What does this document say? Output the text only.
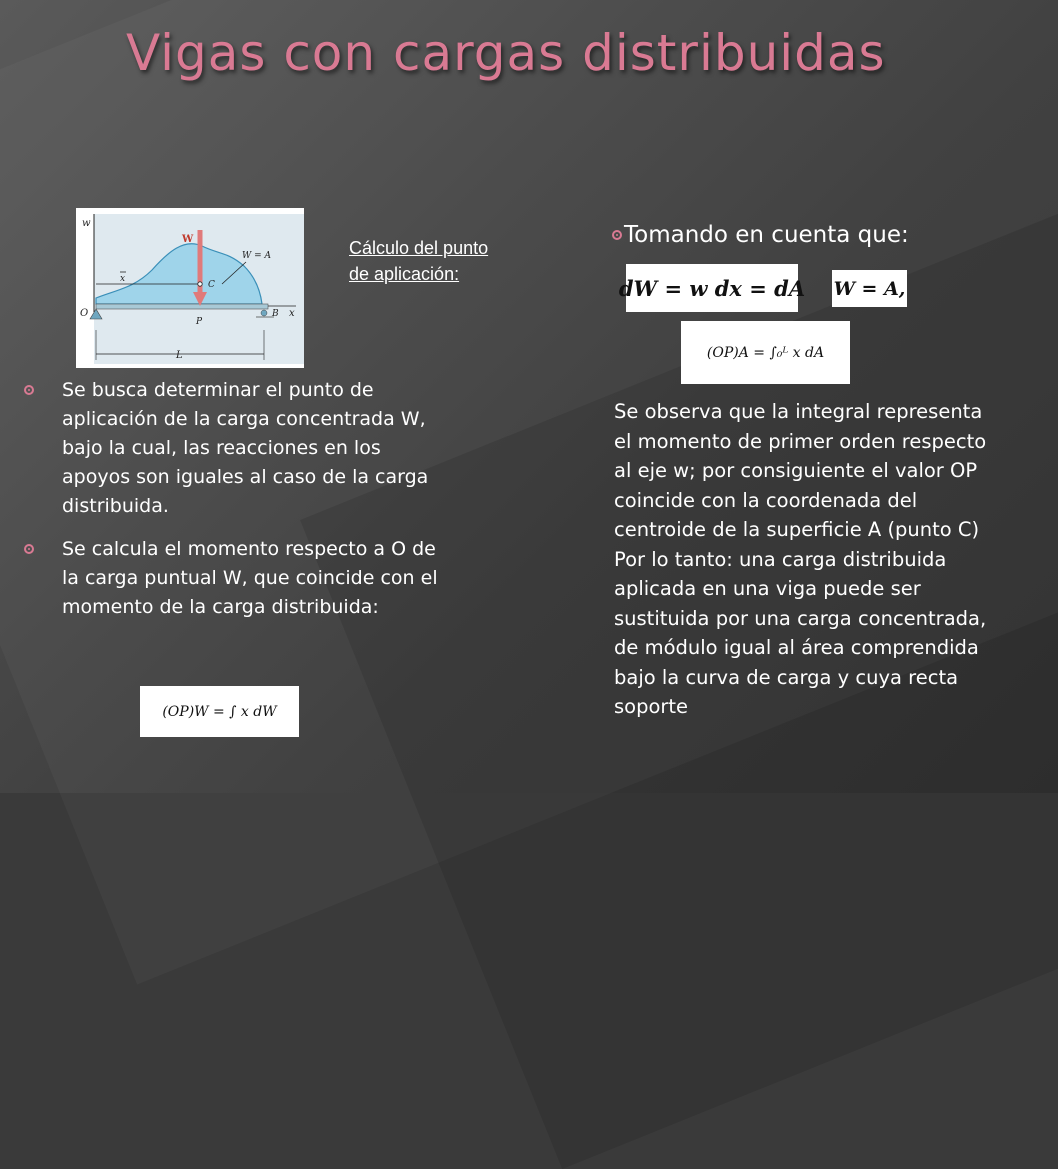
Vigas con cargas distribuidas
w
x
W
W = A
x
C
O
P
B
L
Cálculo del punto de aplicación:
Se busca determinar el punto de aplicación de la carga concentrada W, bajo la cual, las reacciones en los apoyos son iguales al caso de la carga distribuida.
Se calcula el momento respecto a O de la carga puntual W, que coincide con el momento de la carga distribuida:
(OP)W = ∫ x dW
Tomando en cuenta que:
dW = w dx = dA W = A,
(OP)A = ∫₀ᴸ x dA

Se observa que la integral representa el momento de primer orden respecto al eje w; por consiguiente el valor OP coincide con la coordenada del centroide de la superficie A (punto C)

Por lo tanto: una carga distribuida aplicada en una viga puede ser sustituida por una carga concentrada, de módulo igual al área comprendida bajo la curva de carga y cuya recta soporte
